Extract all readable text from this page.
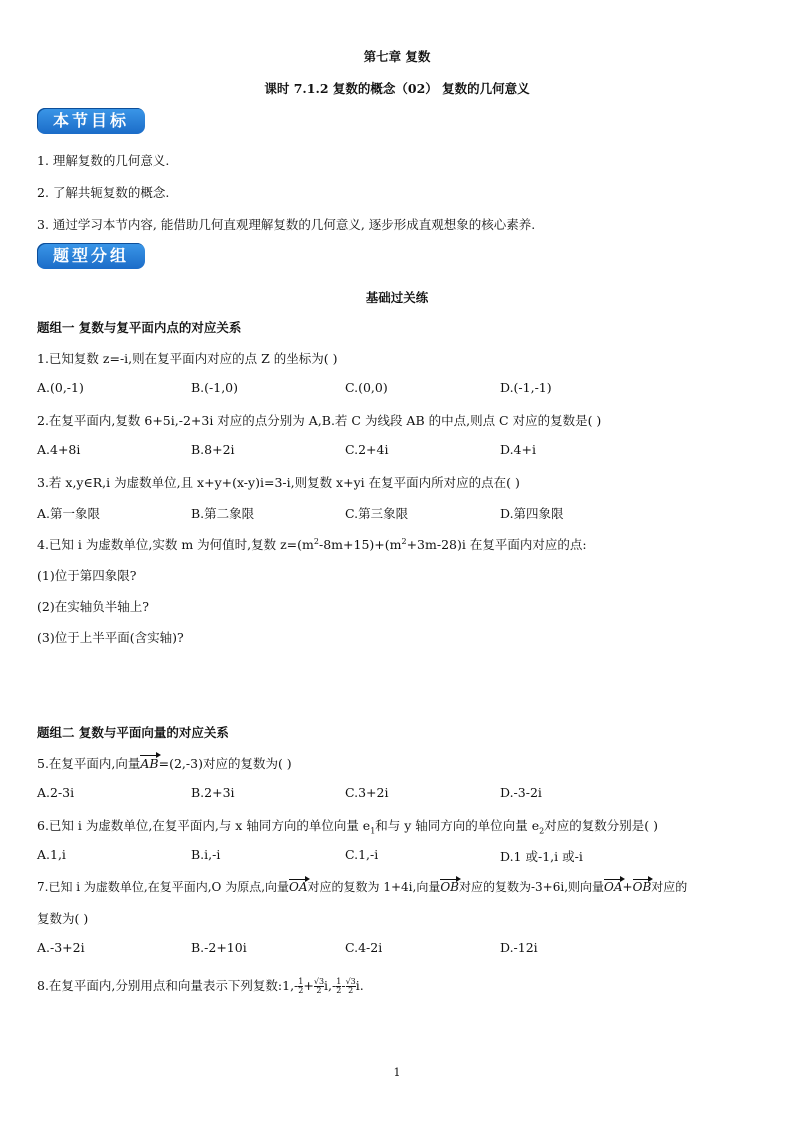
第七章 复数
课时 7.1.2 复数的概念（02） 复数的几何意义
本节目标
1. 理解复数的几何意义.
2. 了解共轭复数的概念.
3. 通过学习本节内容, 能借助几何直观理解复数的几何意义, 逐步形成直观想象的核心素养.
题型分组
基础过关练
题组一 复数与复平面内点的对应关系
1.已知复数 z=-i,则在复平面内对应的点 Z 的坐标为( )
A.(0,-1)	B.(-1,0)	C.(0,0)	D.(-1,-1)
2.在复平面内,复数 6+5i,-2+3i 对应的点分别为 A,B.若 C 为线段 AB 的中点,则点 C 对应的复数是( )
A.4+8i	B.8+2i	C.2+4i	D.4+i
3.若 x,y∈R,i 为虚数单位,且 x+y+(x-y)i=3-i,则复数 x+yi 在复平面内所对应的点在( )
A.第一象限	B.第二象限	C.第三象限	D.第四象限
4.已知 i 为虚数单位,实数 m 为何值时,复数 $z=(m^2-8m+15)+(m^2+3m-28)i$ 在复平面内对应的点:
(1)位于第四象限?
(2)在实轴负半轴上?
(3)位于上半平面(含实轴)?
题组二 复数与平面向量的对应关系
5.在复平面内,向量AB=(2,-3)对应的复数为( )
A.2-3i	B.2+3i	C.3+2i	D.-3-2i
6.已知 i 为虚数单位,在复平面内,与 x 轴同方向的单位向量 $e_1$和与 y 轴同方向的单位向量 $e_2$对应的复数分别是( )
A.1,i	B.i,-i	C.1,-i	D.1 或-1,i 或-i
7.已知 i 为虚数单位,在复平面内,O 为原点,向量OA对应的复数为 1+4i,向量OB对应的复数为-3+6i,则向量OA+OB对应的
复数为( )
A.-3+2i	B.-2+10i	C.4-2i	D.-12i
8.在复平面内,分别用点和向量表示下列复数:1,- $\frac{1}{2} + \frac{√3}{2} i,- \frac{1}{2} - \frac{√3}{2} i$.
1
